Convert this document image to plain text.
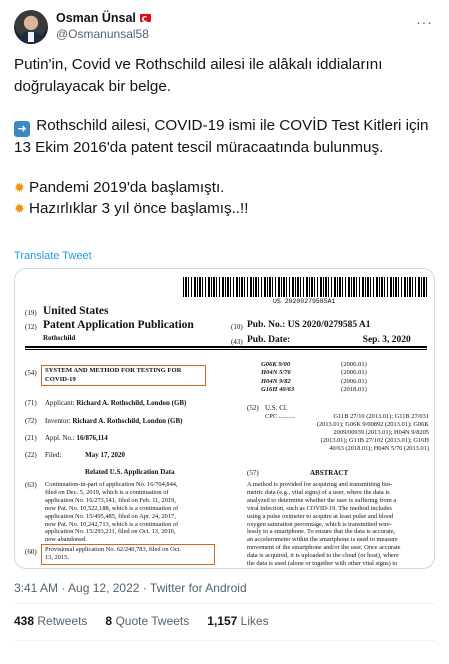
Osman Ünsal
@Osmanunsal58
···

Putin'in, Covid ve Rothschild ailesi ile alâkalı iddialarını doğrulayacak bir belge.

➜ Rothschild ailesi, COVID-19 ismi ile COVİD Test Kitleri için 13 Ekim 2016'da patent tescil müracaatında bulunmuş.

✹ Pandemi 2019'da başlamıştı.

✹ Hazırlıklar 3 yıl önce başlamış..!!

Translate Tweet
US 20200279585A1
(19) United States
(12) Patent Application Publication
Rothschild
(10) Pub. No.: US 2020/0279585 A1
(43) Pub. Date:	Sep. 3, 2020
(54) SYSTEM AND METHOD FOR TESTING FOR
COVID-19
(71) Applicant: Richard A. Rothschild, London (GB)
(72) Inventor: Richard A. Rothschild, London (GB)
(21) Appl. No.: 16/876,114
(22) Filed:	May 17, 2020
Related U.S. Application Data
(63) Continuation-in-part of application No. 16/704,844,
filed on Dec. 5, 2019, which is a continuation of
application No. 16/273,141, filed on Feb. 11, 2019,
now Pat. No. 10,522,188, which is a continuation of
application No. 15/495,485, filed on Apr. 24, 2017,
now Pat. No. 10,242,713, which is a continuation of
application No. 15/293,211, filed on Oct. 13, 2016,
now abandoned.
(60) Provisional application No. 62/240,783, filed on Oct.
13, 2015.
G06K 9/00	(2006.01)
H04N 5/76	(2006.01)
H04N 9/82	(2006.01)
G16H 40/63	(2018.01)
(52) U.S. Cl.
CPC ..........	G11B 27/10 (2013.01); G11B 27/031
(2013.01); G06K 9/00892 (2013.01); G06K
2009/00939 (2013.01); H04N 9/8205
(2013.01); G11B 27/102 (2013.01); G16H
40/63 (2018.01); H04N 5/76 (2013.01)
(57)	ABSTRACT
A method is provided for acquiring and transmitting bio-
metric data (e.g., vital signs) of a user, where the data is
analyzed to determine whether the user is suffering from a
viral infection, such as COVID-19. The method includes
using a pulse oximeter to acquire at least pulse and blood
oxygen saturation percentage, which is transmitted wire-
lessly to a smartphone. To ensure that the data is accurate,
an accelerometer within the smartphone is used to measure
movement of the smartphone and/or the user. Once accurate
data is acquired, it is uploaded to the cloud (or host), where
the data is used (alone or together with other vital signs) to
3:41 AM · Aug 12, 2022 · Twitter for Android
438 Retweets 8 Quote Tweets 1,157 Likes
